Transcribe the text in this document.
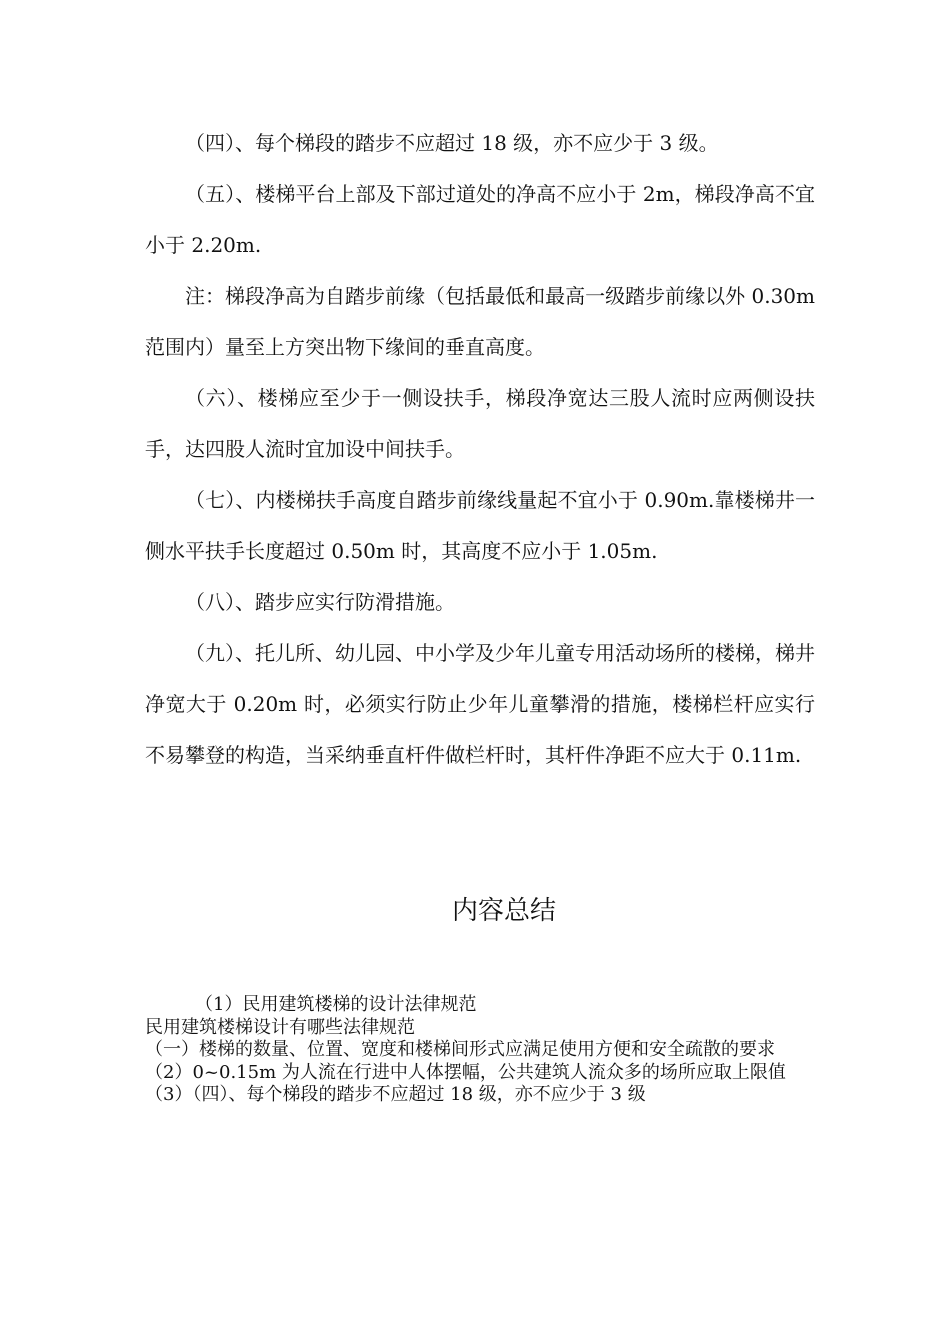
（四）、每个梯段的踏步不应超过 18 级，亦不应少于 3 级。

（五）、楼梯平台上部及下部过道处的净高不应小于 2m，梯段净高不宜小于 2.20m.

注：梯段净高为自踏步前缘（包括最低和最高一级踏步前缘以外 0.30m 范围内）量至上方突出物下缘间的垂直高度。

（六）、楼梯应至少于一侧设扶手，梯段净宽达三股人流时应两侧设扶手，达四股人流时宜加设中间扶手。

（七）、内楼梯扶手高度自踏步前缘线量起不宜小于 0.90m.靠楼梯井一侧水平扶手长度超过 0.50m 时，其高度不应小于 1.05m.

（八）、踏步应实行防滑措施。

（九）、托儿所、幼儿园、中小学及少年儿童专用活动场所的楼梯，梯井净宽大于 0.20m 时，必须实行防止少年儿童攀滑的措施，楼梯栏杆应实行不易攀登的构造，当采纳垂直杆件做栏杆时，其杆件净距不应大于 0.11m.

内容总结

（1）民用建筑楼梯的设计法律规范

民用建筑楼梯设计有哪些法律规范

（一）楼梯的数量、位置、宽度和楼梯间形式应满足使用方便和安全疏散的要求

（2）0~0.15m 为人流在行进中人体摆幅，公共建筑人流众多的场所应取上限值

（3）（四）、每个梯段的踏步不应超过 18 级，亦不应少于 3 级
